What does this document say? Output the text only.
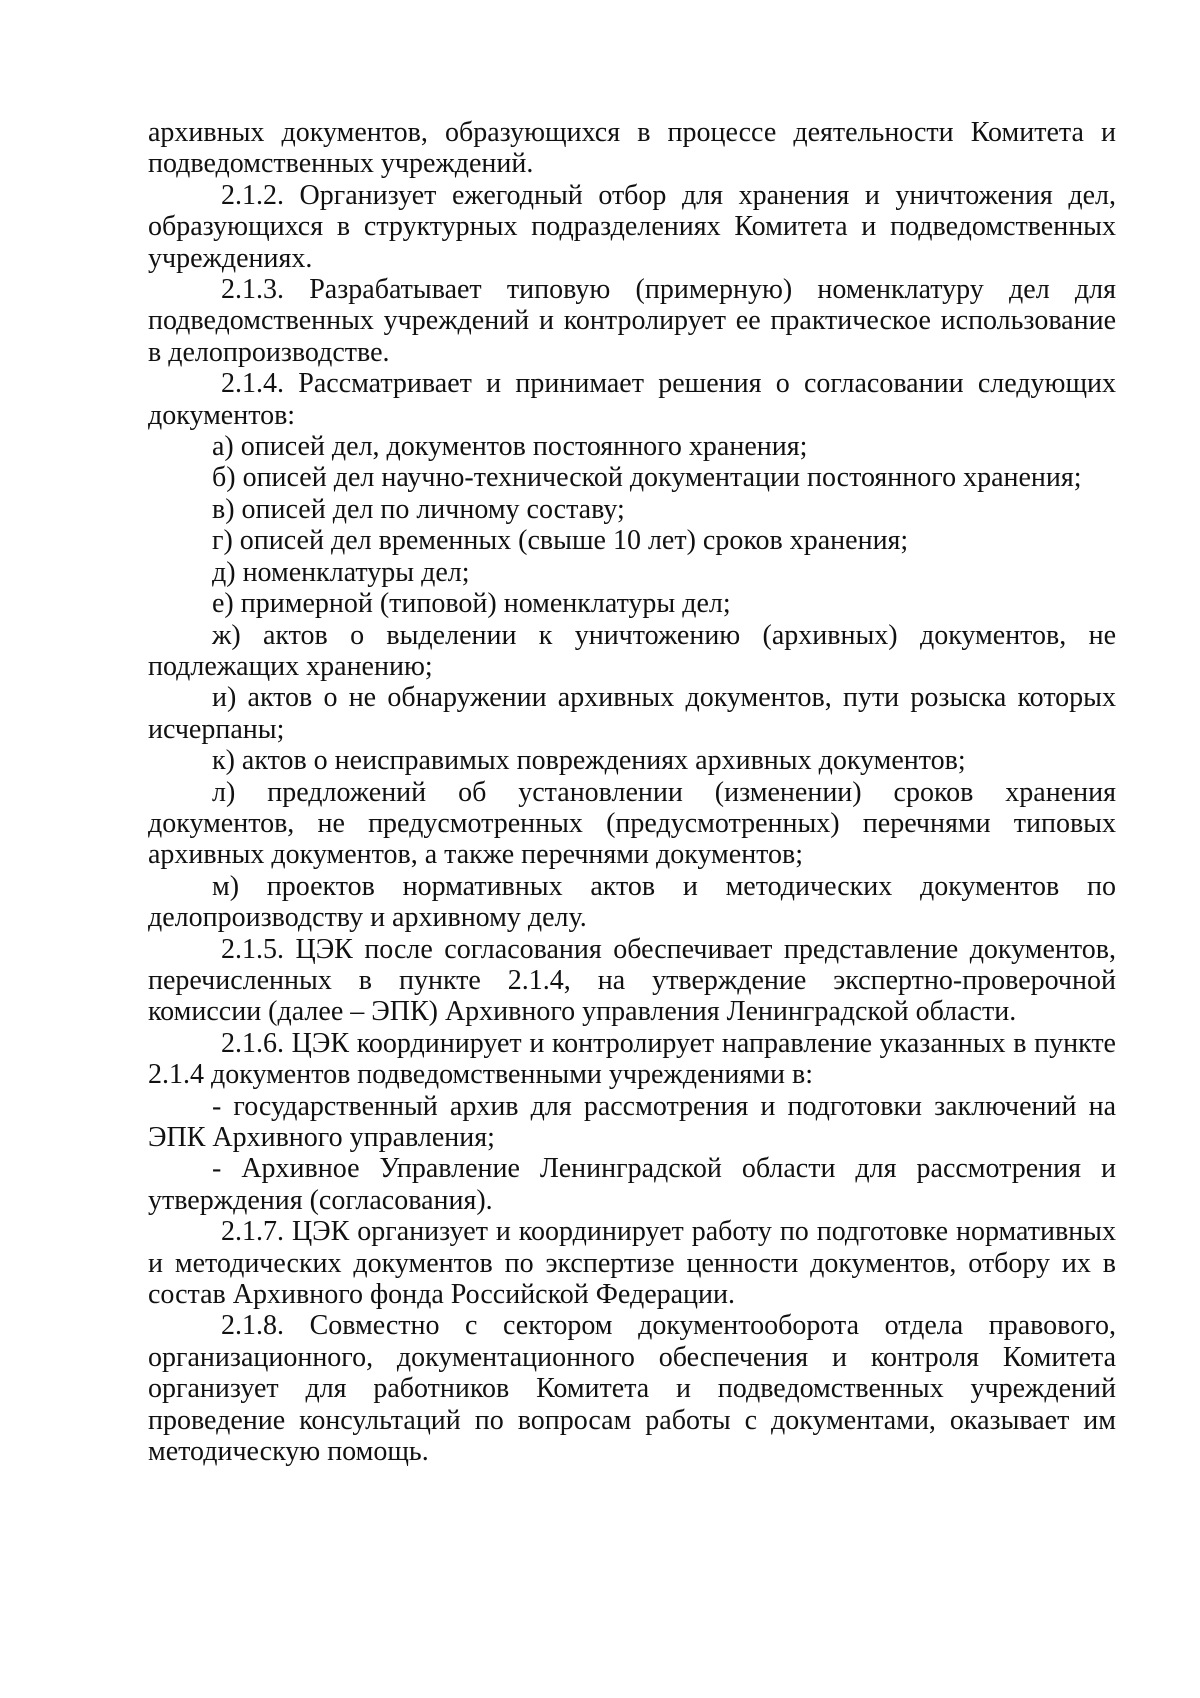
архивных документов, образующихся в процессе деятельности Комитета и подведомственных учреждений.

2.1.2. Организует ежегодный отбор для хранения и уничтожения дел, образующихся в структурных подразделениях Комитета и подведомственных учреждениях.

2.1.3. Разрабатывает типовую (примерную) номенклатуру дел для подведомственных учреждений и контролирует ее практическое использование в делопроизводстве.

2.1.4. Рассматривает и принимает решения о согласовании следующих документов:

а) описей дел, документов постоянного хранения;

б) описей дел научно-технической документации постоянного хранения;

в) описей дел по личному составу;

г) описей дел временных (свыше 10 лет) сроков хранения;

д) номенклатуры дел;

е) примерной (типовой) номенклатуры дел;

ж) актов о выделении к уничтожению (архивных) документов, не подлежащих хранению;

и) актов о не обнаружении архивных документов, пути розыска которых исчерпаны;

к) актов о неисправимых повреждениях архивных документов;

л) предложений об установлении (изменении) сроков хранения документов, не предусмотренных (предусмотренных) перечнями типовых архивных документов, а также перечнями документов;

м) проектов нормативных актов и методических документов по делопроизводству и архивному делу.

2.1.5. ЦЭК после согласования обеспечивает представление документов, перечисленных в пункте 2.1.4, на утверждение экспертно-проверочной комиссии (далее – ЭПК) Архивного управления Ленинградской области.

2.1.6. ЦЭК координирует и контролирует направление указанных в пункте 2.1.4 документов подведомственными учреждениями в:

- государственный архив для рассмотрения и подготовки заключений на ЭПК Архивного управления;

- Архивное Управление Ленинградской области для рассмотрения и утверждения (согласования).

2.1.7. ЦЭК организует и координирует работу по подготовке нормативных и методических документов по экспертизе ценности документов, отбору их в состав Архивного фонда Российской Федерации.

2.1.8. Совместно с сектором документооборота отдела правового, организационного, документационного обеспечения и контроля Комитета организует для работников Комитета и подведомственных учреждений проведение консультаций по вопросам работы с документами, оказывает им методическую помощь.
